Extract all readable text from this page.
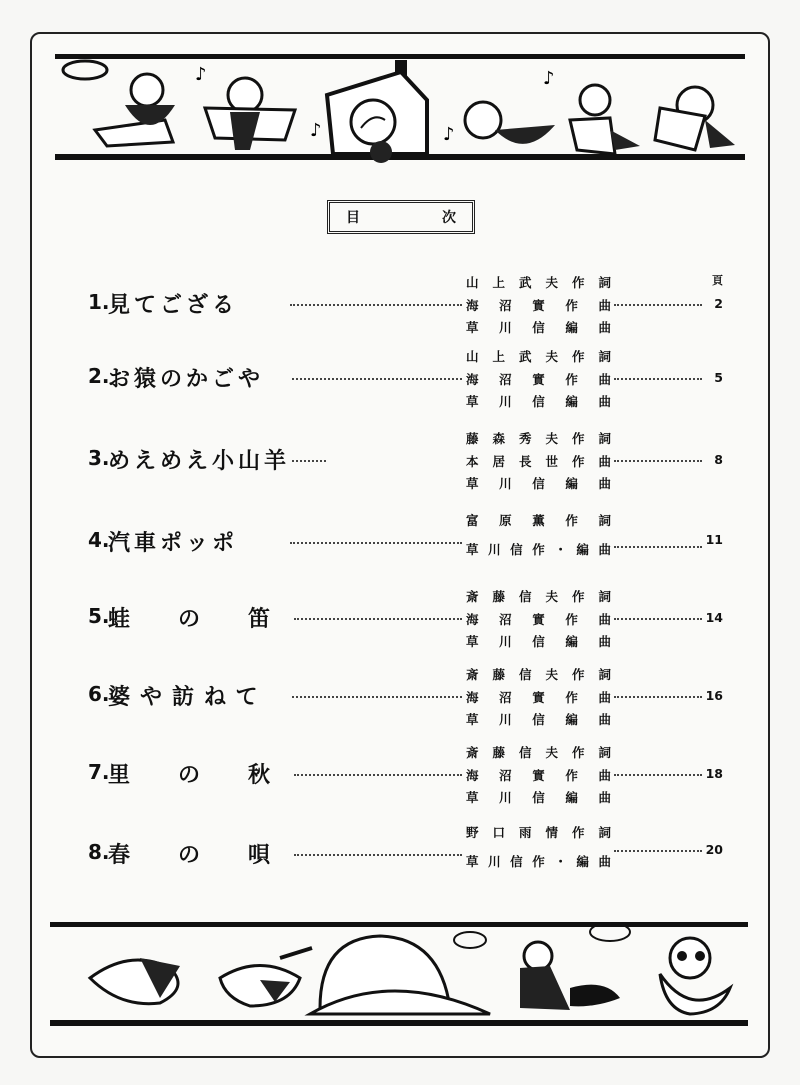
♪
♪	♪
♪
目	次
頁
1.
見てござる
山上武夫作詞
海沼實作曲
草川信編曲
2
2.
お猿のかごや
山上武夫作詞
海沼實作曲
草川信編曲
5
3.
めえめえ小山羊
藤森秀夫作詞
本居長世作曲
草川信編曲
8
4.
汽車ポッポ
富原薫作詞
草川信作・編曲
11
5.
蛙の笛
斎藤信夫作詞
海沼實作曲
草川信編曲
14
6.
婆や訪ねて
斎藤信夫作詞
海沼實作曲
草川信編曲
16
7.
里の秋
斎藤信夫作詞
海沼實作曲
草川信編曲
18
8.
春の唄
野口雨情作詞
草川信作・編曲
20
